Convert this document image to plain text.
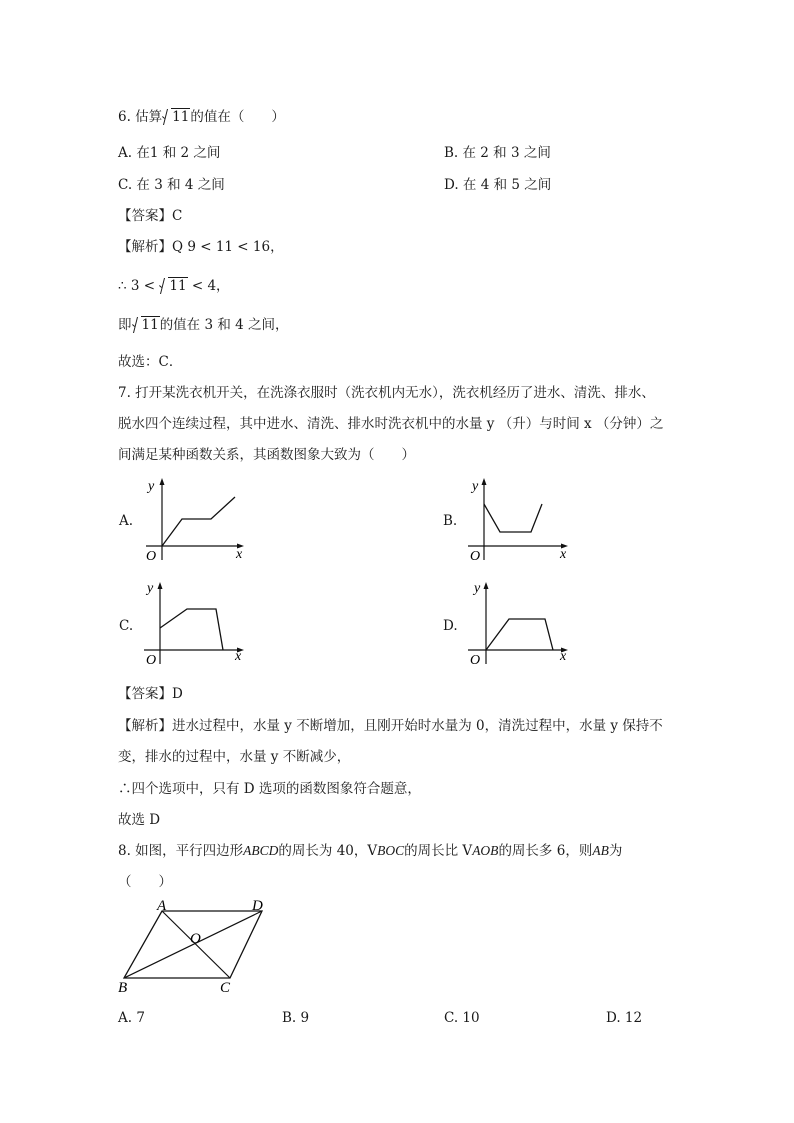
6. 估算 11的值在（　　）
A. 在1 和 2 之间	B. 在 2 和 3 之间
C. 在 3 和 4 之间	D. 在 4 和 5 之间
【答案】C
【解析】Q 9 < 11 < 16，
∴ 3 < 11 < 4，
即 11的值在 3 和 4 之间，
故选：C．
7. 打开某洗衣机开关，在洗涤衣服时（洗衣机内无水），洗衣机经历了进水、清洗、排水、
脱水四个连续过程，其中进水、清洗、排水时洗衣机中的水量 y （升）与时间 x （分钟）之
间满足某种函数关系，其函数图象大致为（　　）
A.
y
x
O
B.
y
x
O
C.
y
x
O
D.
y
x
O
【答案】D
【解析】进水过程中，水量 y 不断增加，且刚开始时水量为 0，清洗过程中，水量 y 保持不
变，排水的过程中，水量 y 不断减少，
∴四个选项中，只有 D 选项的函数图象符合题意，
故选 D
8. 如图，平行四边形ABCD的周长为 40，VBOC的周长比 VAOB的周长多 6，则AB为
（　　）
A	D
B	C
O
A. 7	B. 9	C. 10	D. 12
